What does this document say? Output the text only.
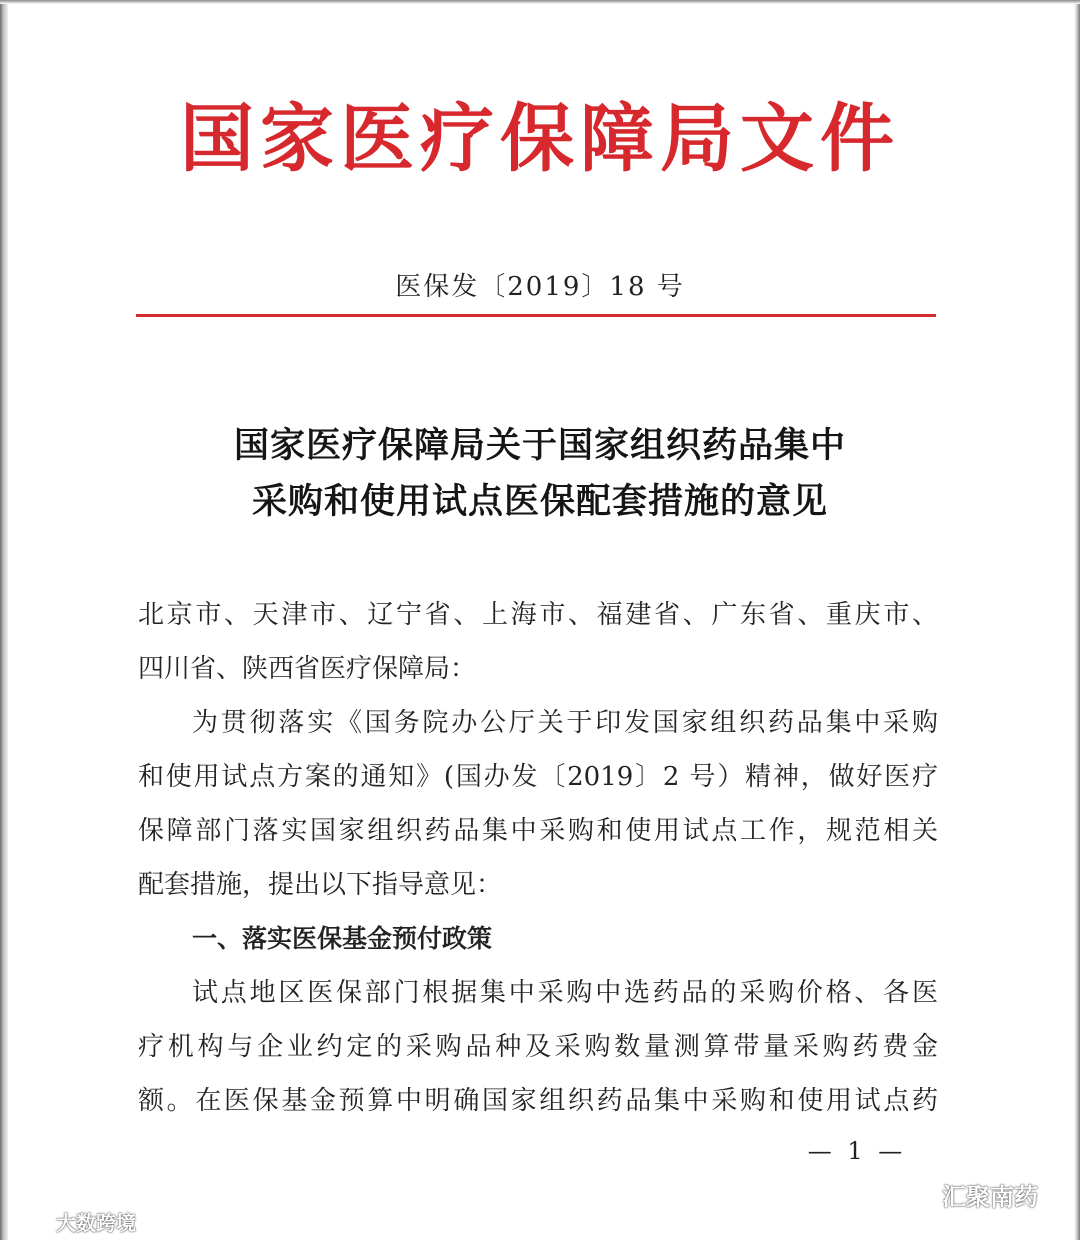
国家医疗保障局文件
医保发〔2019〕18 号
国家医疗保障局关于国家组织药品集中
采购和使用试点医保配套措施的意见
北京市、天津市、辽宁省、上海市、福建省、广东省、重庆市、
四川省、陕西省医疗保障局：
为贯彻落实《国务院办公厅关于印发国家组织药品集中采购
和使用试点方案的通知》(国办发〔2019〕2 号）精神，做好医疗
保障部门落实国家组织药品集中采购和使用试点工作，规范相关
配套措施，提出以下指导意见：
一、落实医保基金预付政策
试点地区医保部门根据集中采购中选药品的采购价格、各医
疗机构与企业约定的采购品种及采购数量测算带量采购药费金
额。在医保基金预算中明确国家组织药品集中采购和使用试点药
— 1 —
大数跨境
汇聚南药
